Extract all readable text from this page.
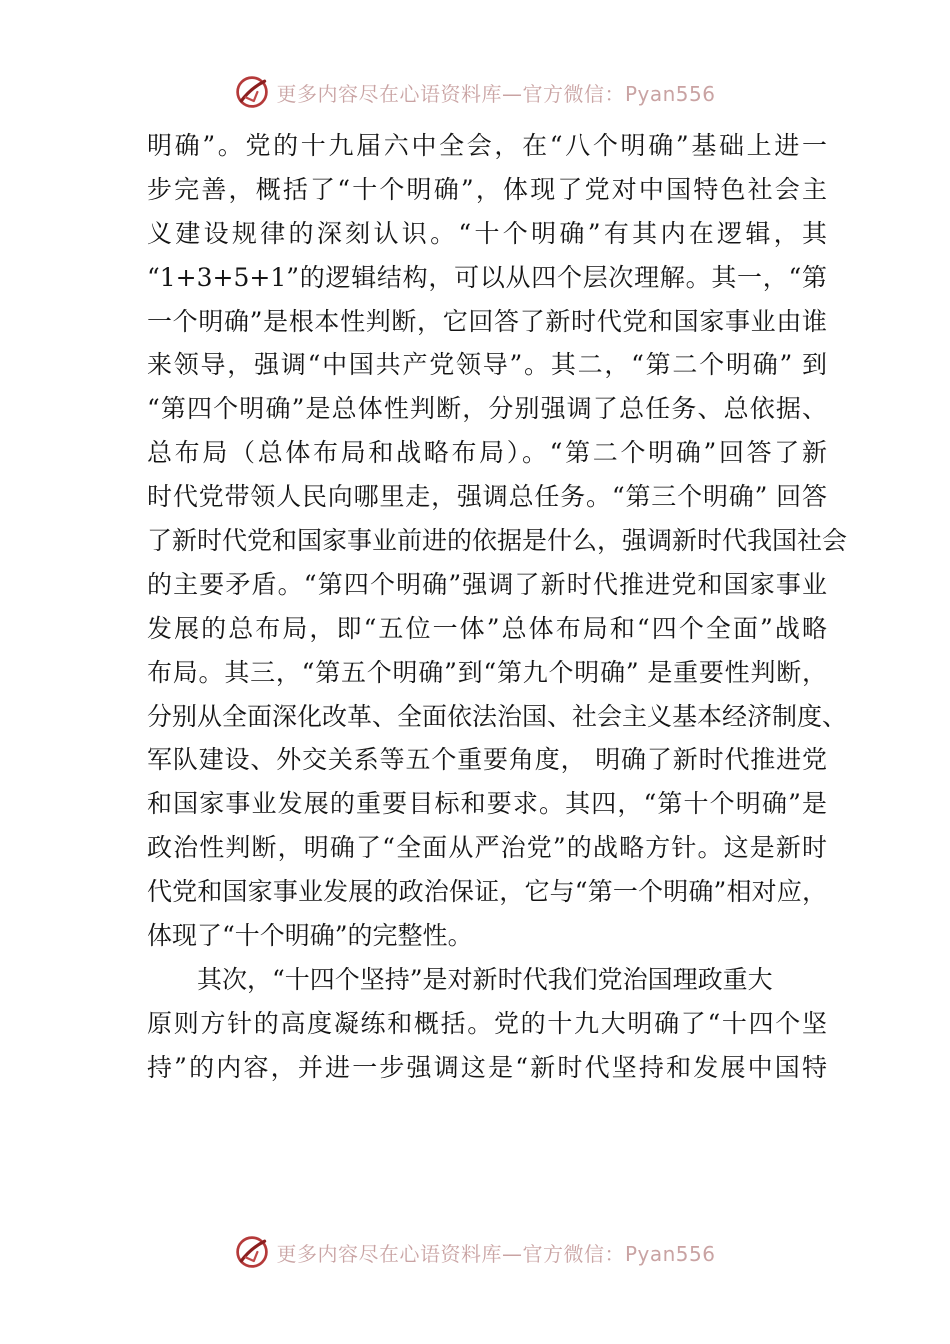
更多内容尽在心语资料库—官方微信：Pyan556
明确”。党的十九届六中全会，在“八个明确”基础上进一
步完善，概括了“十个明确”，体现了党对中国特色社会主
义建设规律的深刻认识。“十个明确”有其内在逻辑，其
“1+3+5+1”的逻辑结构，可以从四个层次理解。其一，“第
一个明确”是根本性判断，它回答了新时代党和国家事业由谁
来领导，强调“中国共产党领导”。其二，“第二个明确” 到
“第四个明确”是总体性判断，分别强调了总任务、总依据、
总布局（总体布局和战略布局）。“第二个明确”回答了新
时代党带领人民向哪里走，强调总任务。“第三个明确” 回答
了新时代党和国家事业前进的依据是什么，强调新时代我国社会
的主要矛盾。“第四个明确”强调了新时代推进党和国家事业
发展的总布局，即“五位一体”总体布局和“四个全面”战略
布局。其三，“第五个明确”到“第九个明确” 是重要性判断，
分别从全面深化改革、全面依法治国、社会主义基本经济制度、
军队建设、外交关系等五个重要角度， 明确了新时代推进党
和国家事业发展的重要目标和要求。其四，“第十个明确”是
政治性判断，明确了“全面从严治党”的战略方针。这是新时
代党和国家事业发展的政治保证，它与“第一个明确”相对应，
体现了“十个明确”的完整性。
其次，“十四个坚持”是对新时代我们党治国理政重大
原则方针的高度凝练和概括。党的十九大明确了“十四个坚
持”的内容，并进一步强调这是“新时代坚持和发展中国特
更多内容尽在心语资料库—官方微信：Pyan556
